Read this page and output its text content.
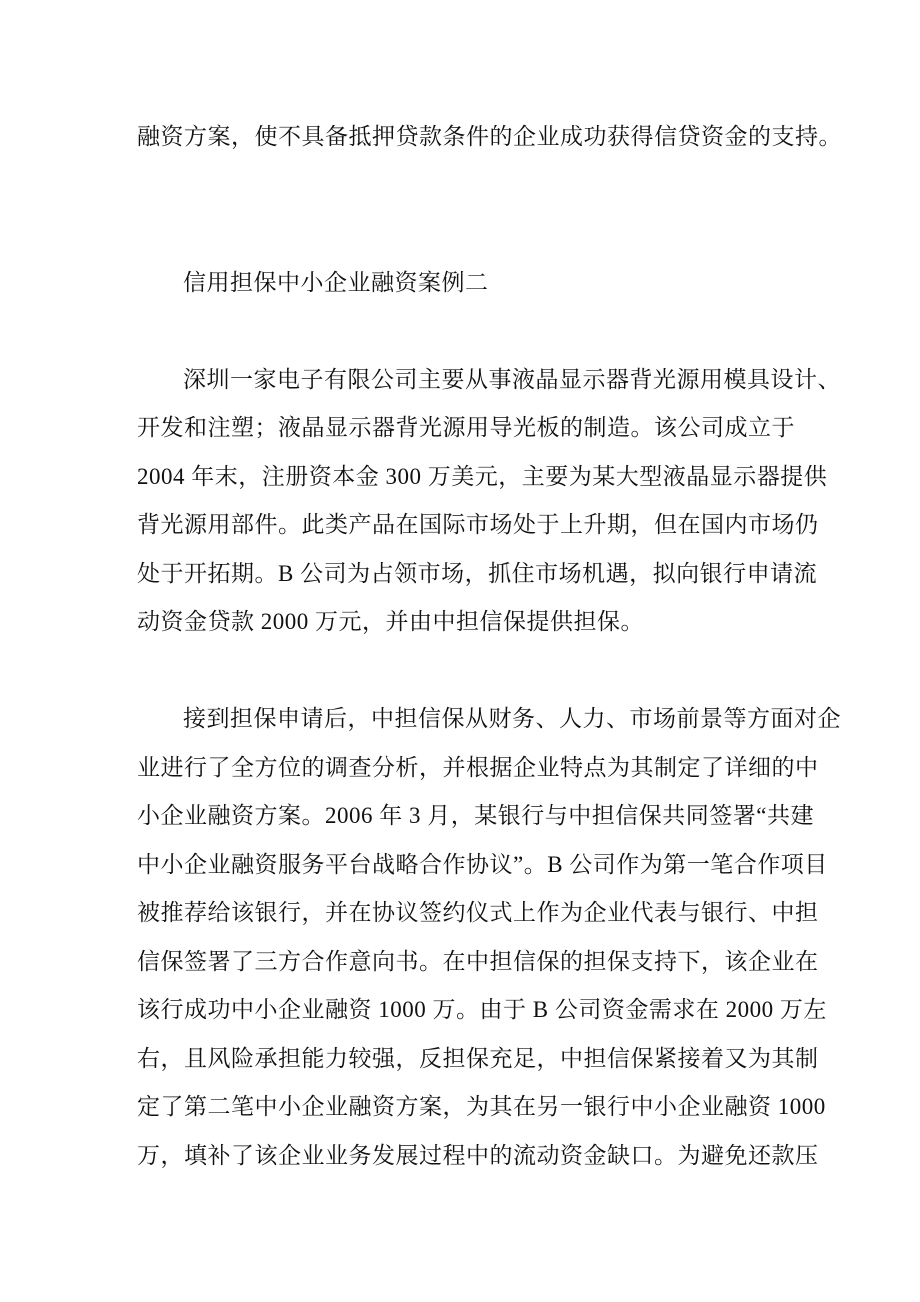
融资方案，使不具备抵押贷款条件的企业成功获得信贷资金的支持。
信用担保中小企业融资案例二
深圳一家电子有限公司主要从事液晶显示器背光源用模具设计、
开发和注塑；液晶显示器背光源用导光板的制造。该公司成立于
2004 年末，注册资本金 300 万美元，主要为某大型液晶显示器提供
背光源用部件。此类产品在国际市场处于上升期，但在国内市场仍
处于开拓期。B 公司为占领市场，抓住市场机遇，拟向银行申请流
动资金贷款 2000 万元，并由中担信保提供担保。
接到担保申请后，中担信保从财务、人力、市场前景等方面对企
业进行了全方位的调查分析，并根据企业特点为其制定了详细的中
小企业融资方案。2006 年 3 月，某银行与中担信保共同签署“共建
中小企业融资服务平台战略合作协议”。B 公司作为第一笔合作项目
被推荐给该银行，并在协议签约仪式上作为企业代表与银行、中担
信保签署了三方合作意向书。在中担信保的担保支持下，该企业在
该行成功中小企业融资 1000 万。由于 B 公司资金需求在 2000 万左
右，且风险承担能力较强，反担保充足，中担信保紧接着又为其制
定了第二笔中小企业融资方案，为其在另一银行中小企业融资 1000
万，填补了该企业业务发展过程中的流动资金缺口。为避免还款压
